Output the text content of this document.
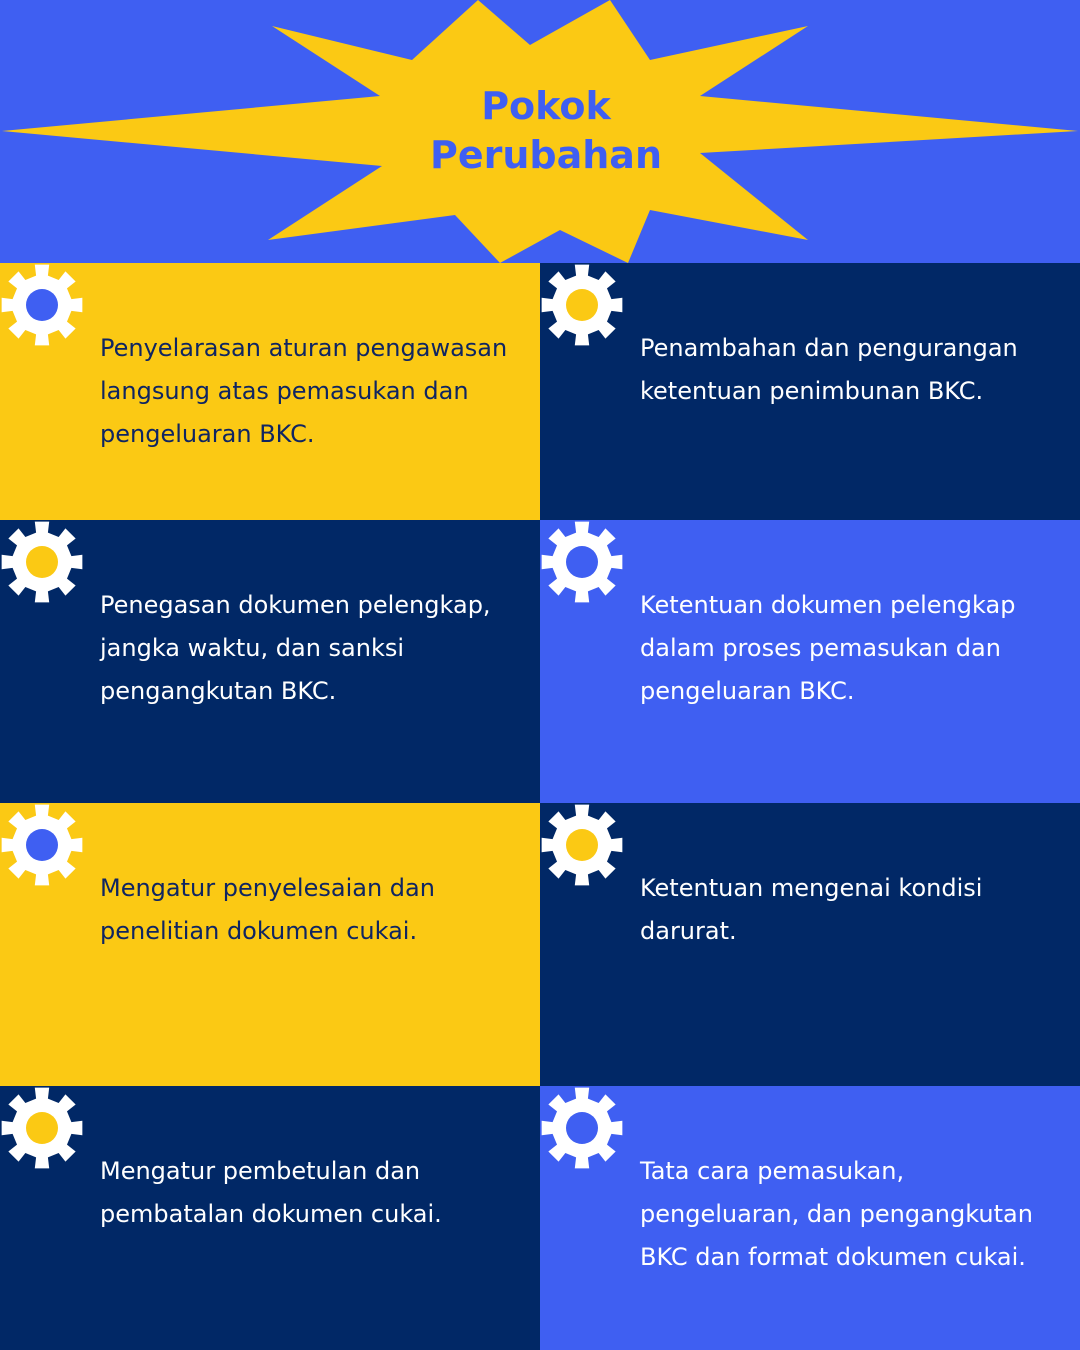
Pokok
Perubahan
Penyelarasan aturan pengawasan langsung atas pemasukan dan pengeluaran BKC.
Penambahan dan pengurangan ketentuan penimbunan BKC.
Penegasan dokumen pelengkap, jangka waktu, dan sanksi pengangkutan BKC.
Ketentuan dokumen pelengkap dalam proses pemasukan dan pengeluaran BKC.
Mengatur penyelesaian dan penelitian dokumen cukai.
Ketentuan mengenai kondisi darurat.
Mengatur pembetulan dan pembatalan dokumen cukai.
Tata cara pemasukan, pengeluaran, dan pengangkutan BKC dan format dokumen cukai.
